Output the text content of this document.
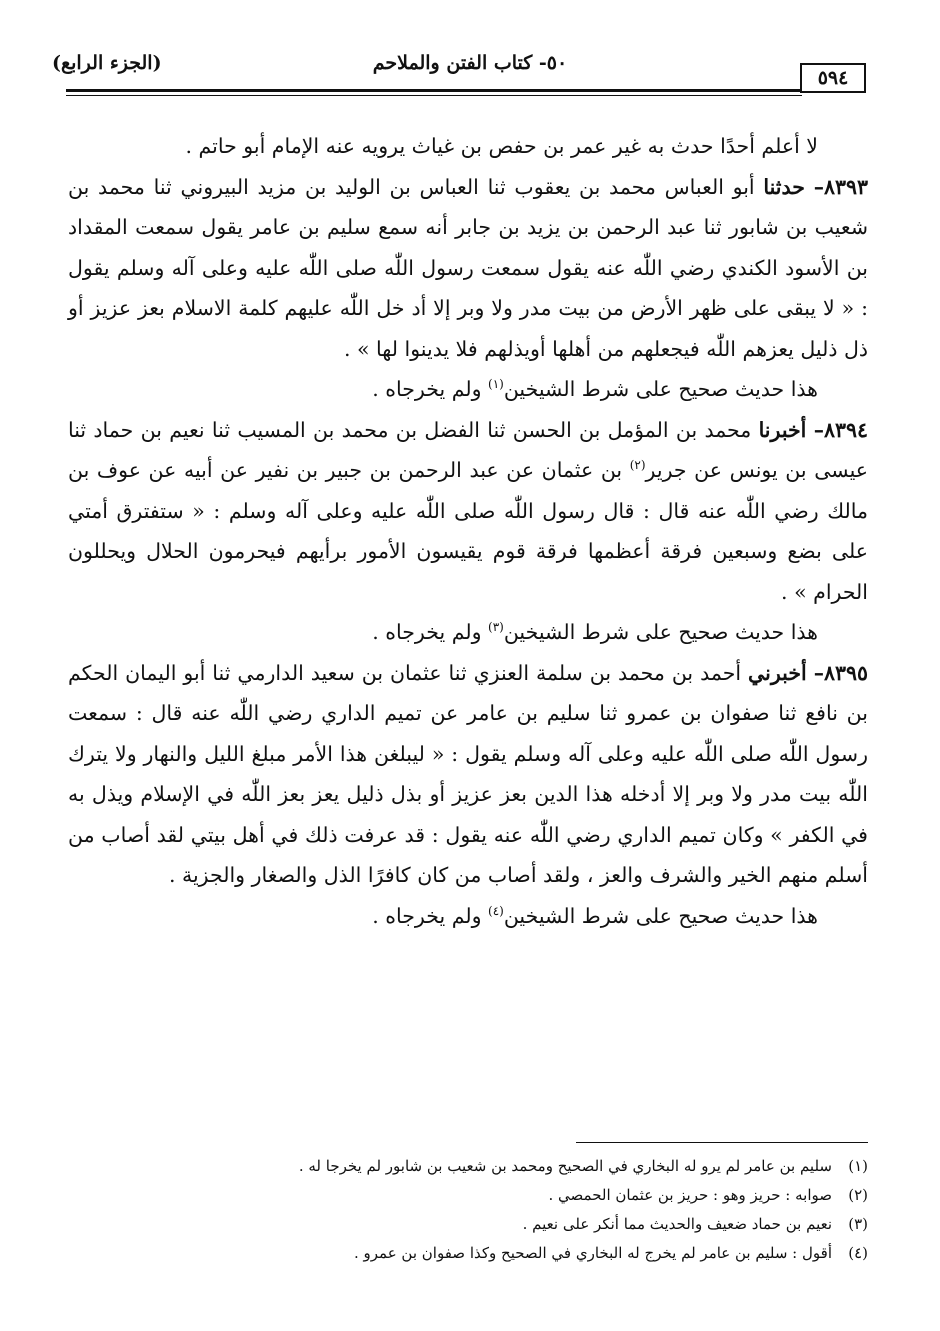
(الجزء الرابع)	٥٠- كتاب الفتن والملاحم
٥٩٤

لا أعلم أحدًا حدث به غير عمر بن حفص بن غياث يرويه عنه الإمام أبو حاتم .

٨٣٩٣– حدثنا أبو العباس محمد بن يعقوب ثنا العباس بن الوليد بن مزيد البيروني ثنا محمد بن شعيب بن شابور ثنا عبد الرحمن بن يزيد بن جابر أنه سمع سليم بن عامر يقول سمعت المقداد بن الأسود الكندي رضي اللّٰه عنه يقول سمعت رسول اللّٰه صلى اللّٰه عليه وعلى آله وسلم يقول : « لا يبقى على ظهر الأرض من بيت مدر ولا وبر إلا أد خل اللّٰه عليهم كلمة الاسلام بعز عزيز أو ذل ذليل يعزهم اللّٰه فيجعلهم من أهلها أويذلهم فلا يدينوا لها » .

هذا حديث صحيح على شرط الشيخين$^{(١)}$ ولم يخرجاه .

٨٣٩٤– أخبرنا محمد بن المؤمل بن الحسن ثنا الفضل بن محمد بن المسيب ثنا نعيم بن حماد ثنا عيسى بن يونس عن جرير$^{(٢)}$ بن عثمان عن عبد الرحمن بن جبير بن نفير عن أبيه عن عوف بن مالك رضي اللّٰه عنه قال : قال رسول اللّٰه صلى اللّٰه عليه وعلى آله وسلم : « ستفترق أمتي على بضع وسبعين فرقة أعظمها فرقة قوم يقيسون الأمور برأيهم فيحرمون الحلال ويحللون الحرام » .

هذا حديث صحيح على شرط الشيخين$^{(٣)}$ ولم يخرجاه .

٨٣٩٥– أخبرني أحمد بن محمد بن سلمة العنزي ثنا عثمان بن سعيد الدارمي ثنا أبو اليمان الحكم بن نافع ثنا صفوان بن عمرو ثنا سليم بن عامر عن تميم الداري رضي اللّٰه عنه قال : سمعت رسول اللّٰه صلى اللّٰه عليه وعلى آله وسلم يقول : « ليبلغن هذا الأمر مبلغ الليل والنهار ولا يترك اللّٰه بيت مدر ولا وبر إلا أدخله هذا الدين بعز عزيز أو بذل ذليل يعز بعز اللّٰه في الإسلام ويذل به في الكفر » وكان تميم الداري رضي اللّٰه عنه يقول : قد عرفت ذلك في أهل بيتي لقد أصاب من أسلم منهم الخير والشرف والعز ، ولقد أصاب من كان كافرًا الذل والصغار والجزية .

هذا حديث صحيح على شرط الشيخين$^{(٤)}$ ولم يخرجاه .

(١)سليم بن عامر لم يرو له البخاري في الصحيح ومحمد بن شعيب بن شابور لم يخرجا له .

(٢)صوابه : حريز وهو : حريز بن عثمان الحمصي .

(٣)نعيم بن حماد ضعيف والحديث مما أنكر على نعيم .

(٤)أقول : سليم بن عامر لم يخرج له البخاري في الصحيح وكذا صفوان بن عمرو .
